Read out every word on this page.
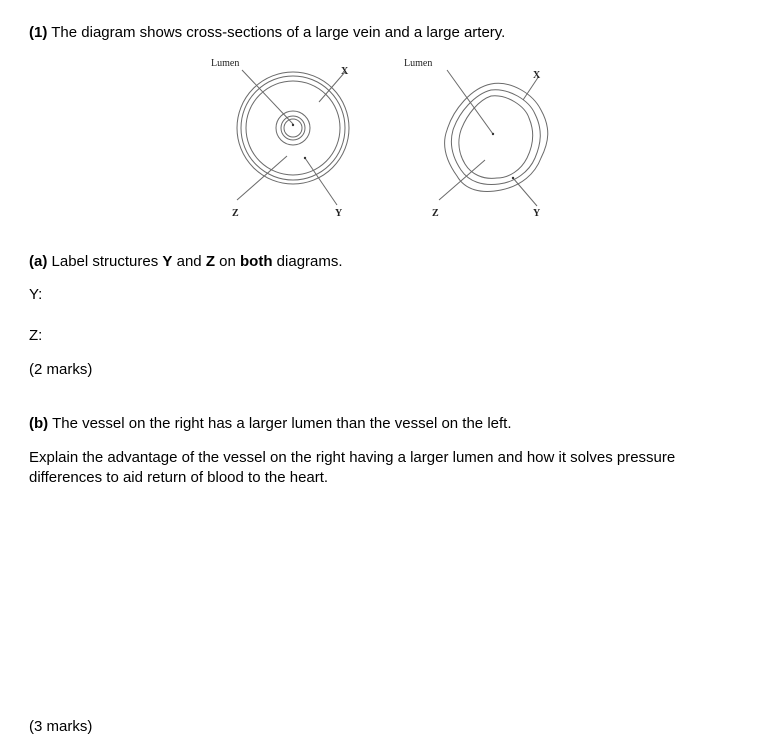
(1) The diagram shows cross-sections of a large vein and a large artery.
Lumen
X
Y
Z
Lumen
X
Y
Z
(a) Label structures Y and Z on both diagrams.
Y:
Z:
(2 marks)
(b) The vessel on the right has a larger lumen than the vessel on the left.
Explain the advantage of the vessel on the right having a larger lumen and how it solves pressure differences to aid return of blood to the heart.
(3 marks)
